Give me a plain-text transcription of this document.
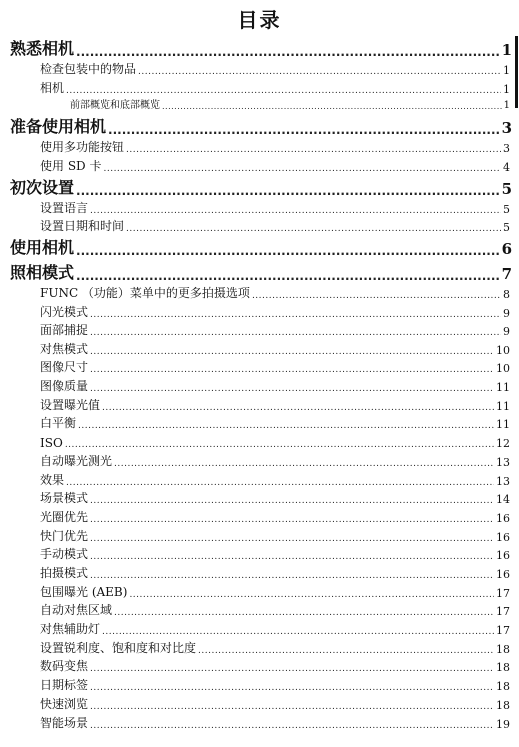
目录
熟悉相机 .....	1
检查包装中的物品 .....	1
相机 .....	1
前部概览和底部概览 .....	1
准备使用相机 .....	3
使用多功能按钮 .....	3
使用 SD 卡 .....	4
初次设置 .....	5
设置语言 .....	5
设置日期和时间 .....	5
使用相机 .....	6
照相模式 .....	7
FUNC （功能）菜单中的更多拍摄选项 .....	8
闪光模式 .....	9
面部捕捉 .....	9
对焦模式 .....	10
图像尺寸 .....	10
图像质量 .....	11
设置曝光值 .....	11
白平衡 .....	11
ISO .....	12
自动曝光测光 .....	13
效果 .....	13
场景模式 .....	14
光圈优先 .....	16
快门优先 .....	16
手动模式 .....	16
拍摄模式 .....	16
包围曝光 (AEB) .....	17
自动对焦区域 .....	17
对焦辅助灯 .....	17
设置锐利度、饱和度和对比度 .....	18
数码变焦 .....	18
日期标签 .....	18
快速浏览 .....	18
智能场景 .....	19
